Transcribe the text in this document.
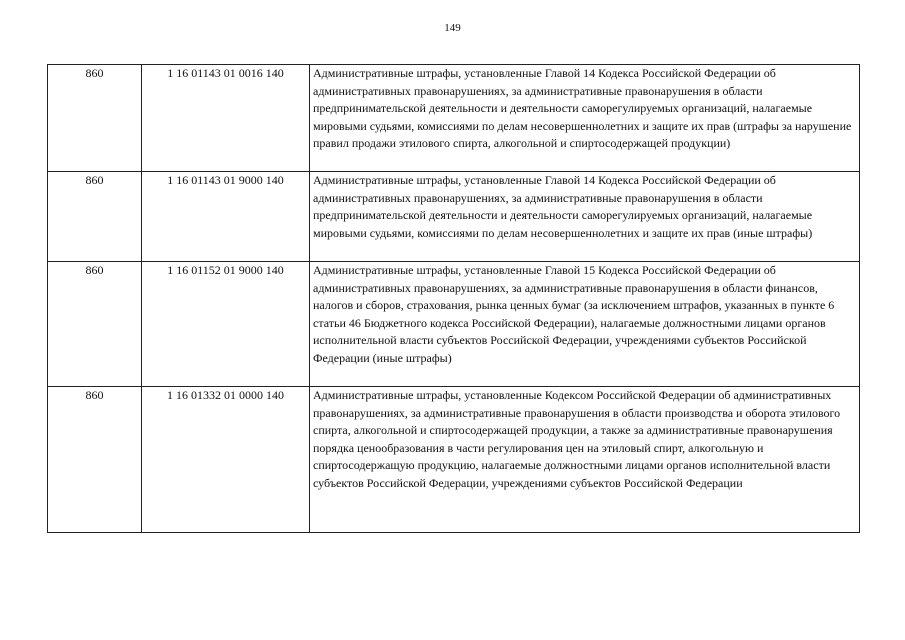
149
860	1 16 01143 01 0016 140	Административные штрафы, установленные Главой 14 Кодекса Российской Федерации об административных правонарушениях, за административные правонарушения в области предпринимательской деятельности и деятельности саморегулируемых организаций, налагаемые мировыми судьями, комиссиями по делам несовершеннолетних и защите их прав (штрафы за нарушение правил продажи этилового спирта, алкогольной и спиртосодержащей продукции)
860	1 16 01143 01 9000 140	Административные штрафы, установленные Главой 14 Кодекса Российской Федерации об административных правонарушениях, за административные правонарушения в области предпринимательской деятельности и деятельности саморегулируемых организаций, налагаемые мировыми судьями, комиссиями по делам несовершеннолетних и защите их прав (иные штрафы)
860	1 16 01152 01 9000 140	Административные штрафы, установленные Главой 15 Кодекса Российской Федерации об административных правонарушениях, за административные правонарушения в области финансов, налогов и сборов, страхования, рынка ценных бумаг (за исключением штрафов, указанных в пункте 6 статьи 46 Бюджетного кодекса Российской Федерации), налагаемые должностными лицами органов исполнительной власти субъектов Российской Федерации, учреждениями субъектов Российской Федерации (иные штрафы)
860	1 16 01332 01 0000 140	Административные штрафы, установленные Кодексом Российской Федерации об административных правонарушениях, за административные правонарушения в области производства и оборота этилового спирта, алкогольной и спиртосодержащей продукции, а также за административные правонарушения порядка ценообразования в части регулирования цен на этиловый спирт, алкогольную и спиртосодержащую продукцию, налагаемые должностными лицами органов исполнительной власти субъектов Российской Федерации, учреждениями субъектов Российской Федерации
